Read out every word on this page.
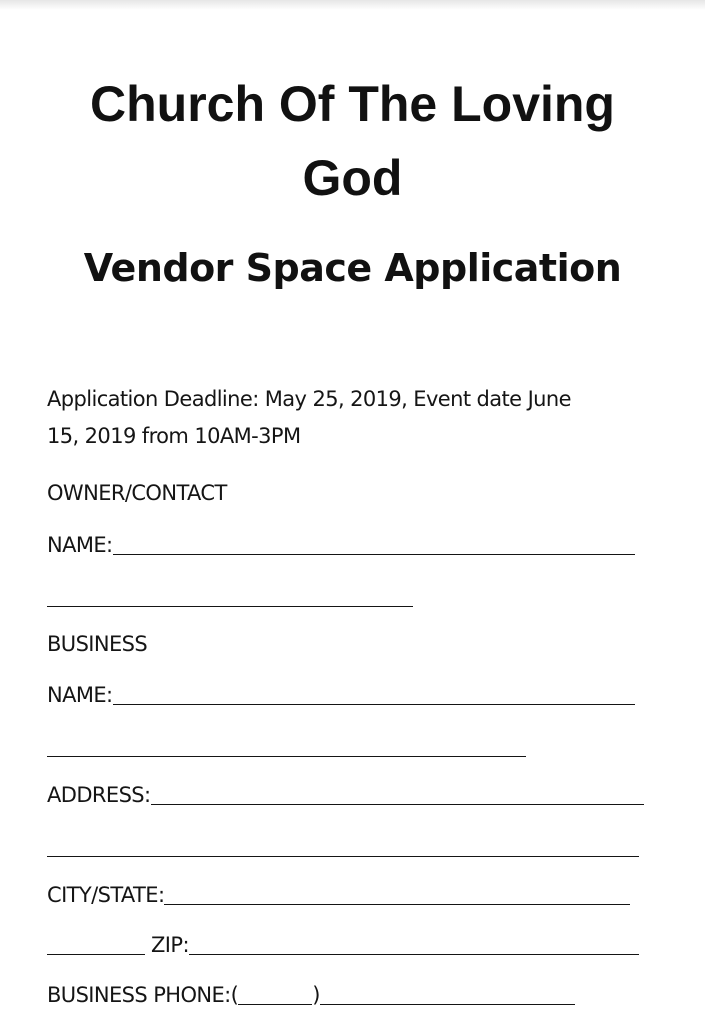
Church Of The Loving
God
Vendor Space Application
Application Deadline: May 25, 2019, Event date June
15, 2019 from 10AM-3PM
OWNER/CONTACT
NAME:
BUSINESS
NAME:
ADDRESS:
CITY/STATE:
ZIP:
BUSINESS PHONE:(	)
